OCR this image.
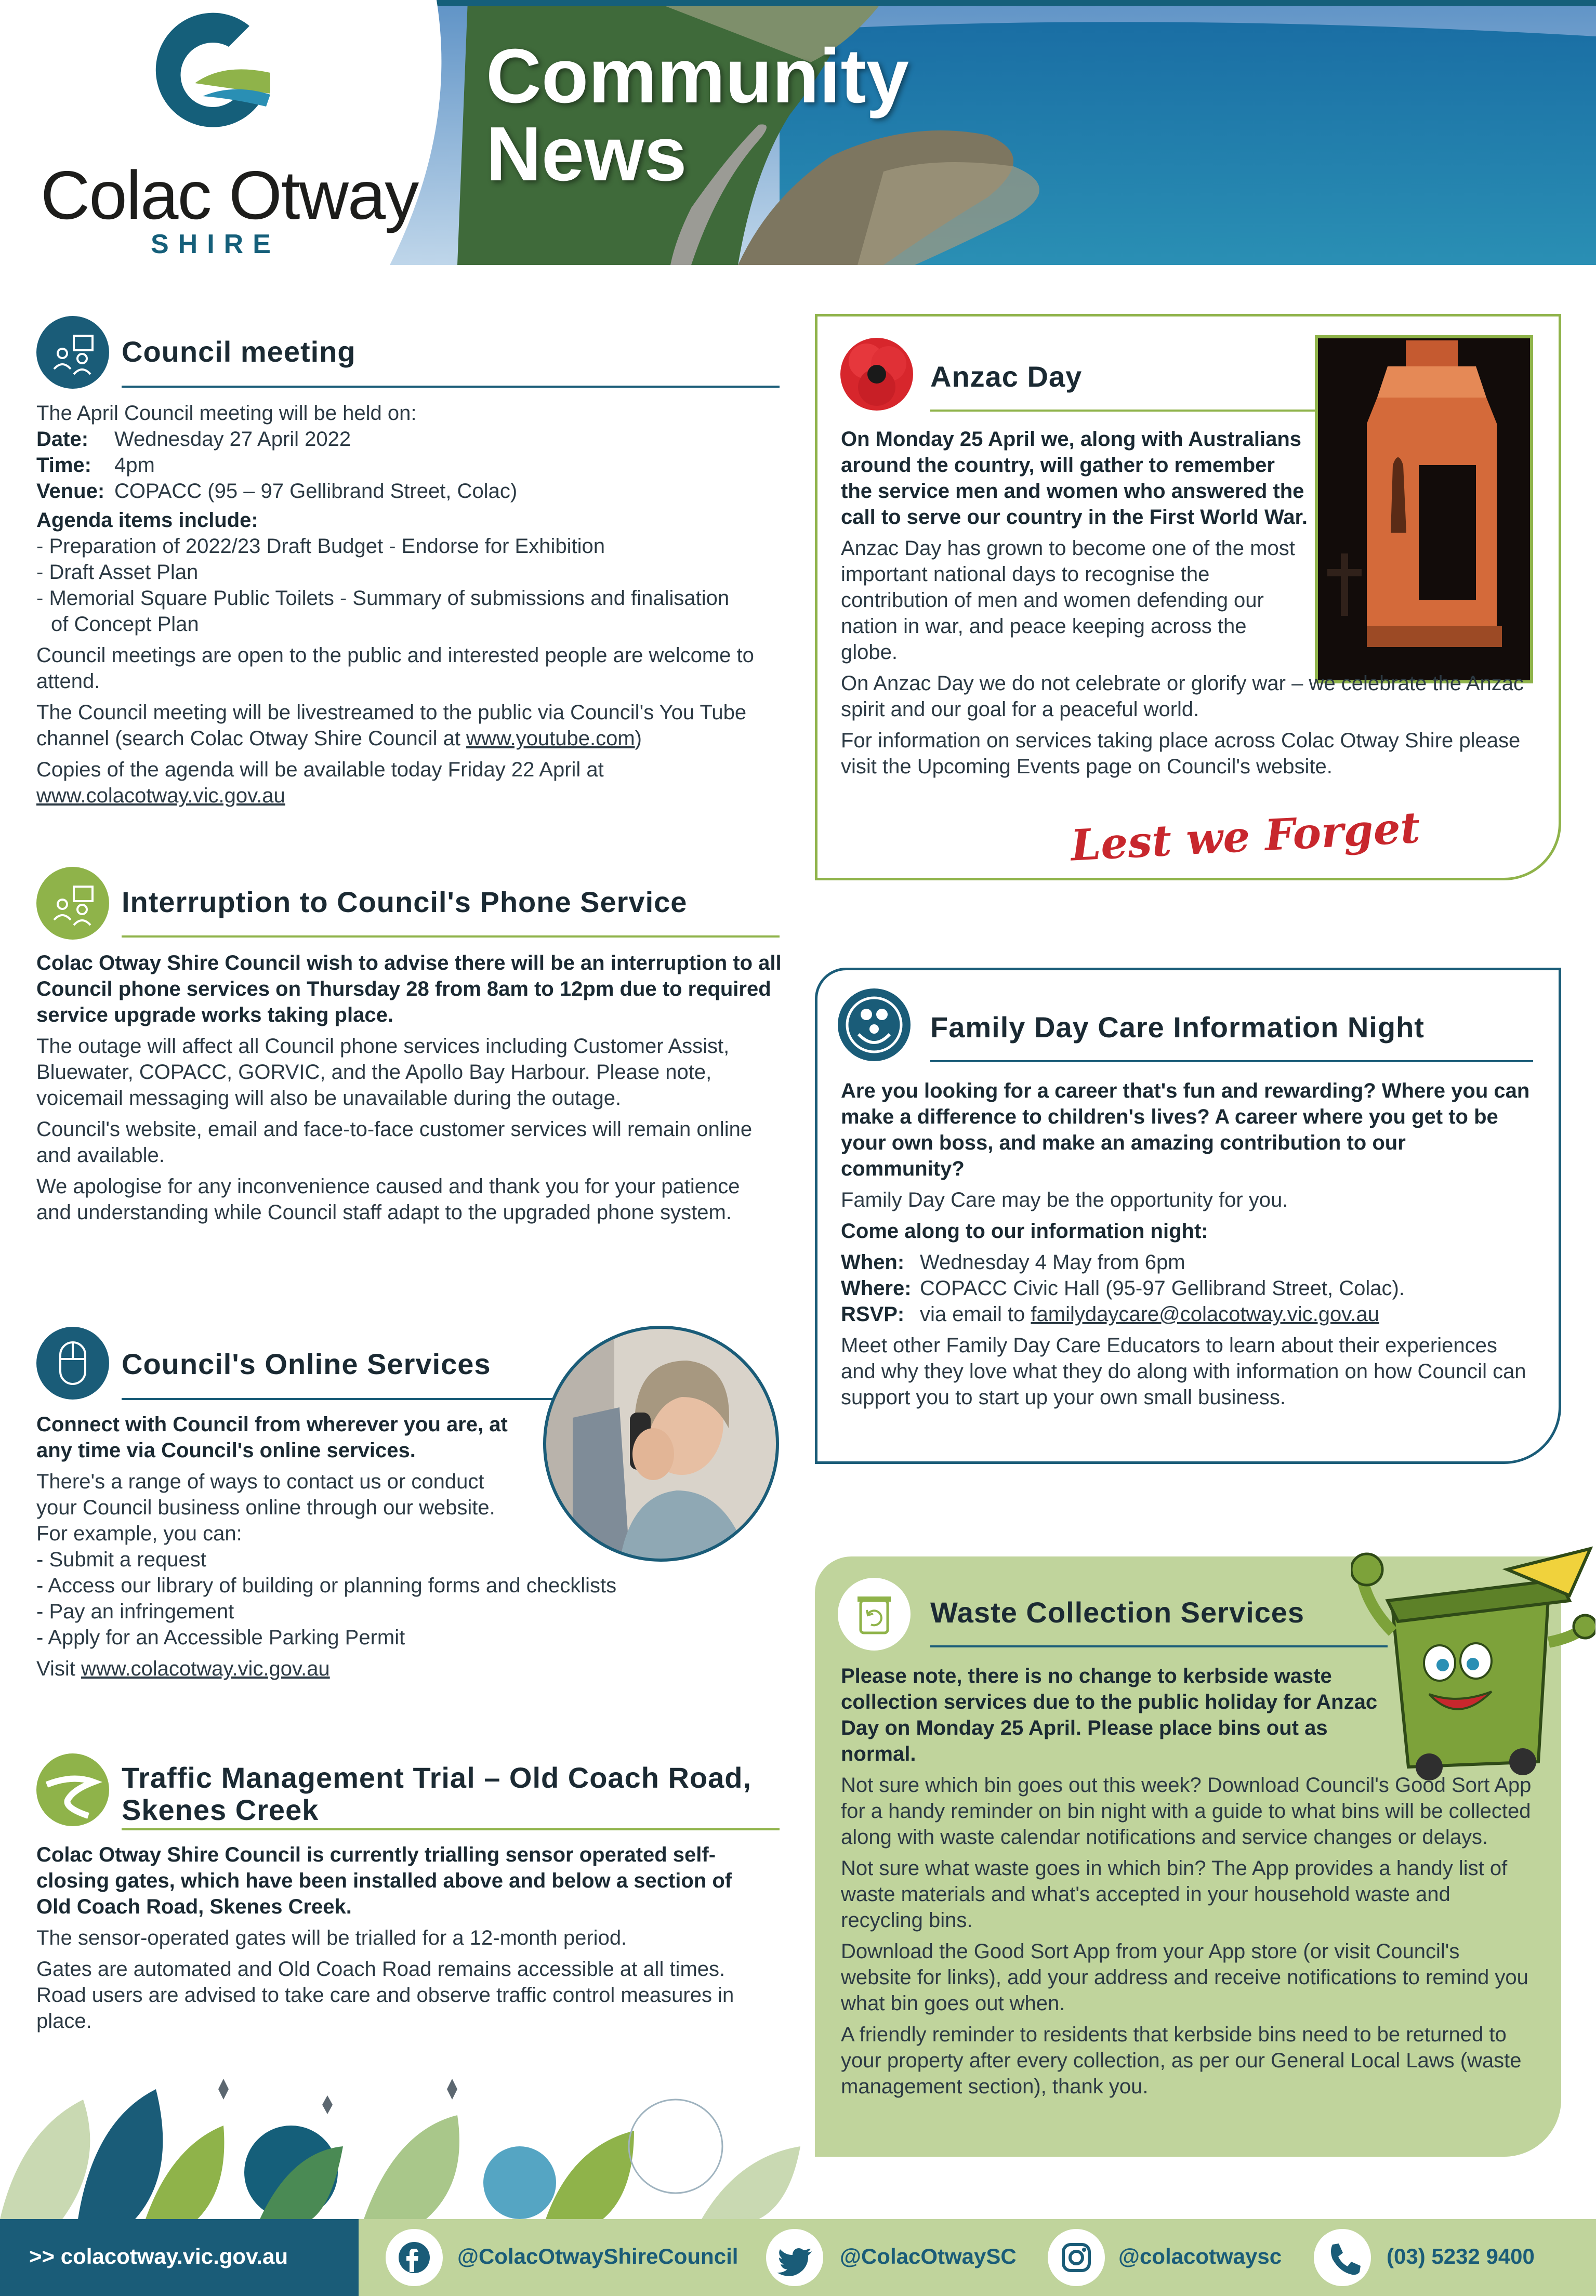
Colac Otway
SHIRE
Community
News
Council meeting
The April Council meeting will be held on:
Date: Wednesday 27 April 2022
Time: 4pm
Venue: COPACC (95 – 97 Gellibrand Street, Colac)
Agenda items include:
- Preparation of 2022/23 Draft Budget - Endorse for Exhibition
- Draft Asset Plan
- Memorial Square Public Toilets - Summary of submissions and finalisation of Concept Plan
Council meetings are open to the public and interested people are welcome to attend.
The Council meeting will be livestreamed to the public via Council's You Tube channel (search Colac Otway Shire Council at www.youtube.com)
Copies of the agenda will be available today Friday 22 April at
www.colacotway.vic.gov.au
Interruption to Council's Phone Service
Colac Otway Shire Council wish to advise there will be an interruption to all Council phone services on Thursday 28 from 8am to 12pm due to required service upgrade works taking place.
The outage will affect all Council phone services including Customer Assist, Bluewater, COPACC, GORVIC, and the Apollo Bay Harbour. Please note, voicemail messaging will also be unavailable during the outage.
Council's website, email and face-to-face customer services will remain online and available.
We apologise for any inconvenience caused and thank you for your patience and understanding while Council staff adapt to the upgraded phone system.
Council's Online Services
Connect with Council from wherever you are, at any time via Council's online services.
There's a range of ways to contact us or conduct your Council business online through our website.
For example, you can:
- Submit a request
- Access our library of building or planning forms and checklists
- Pay an infringement
- Apply for an Accessible Parking Permit
Visit www.colacotway.vic.gov.au
Traffic Management Trial – Old Coach Road,
Skenes Creek
Colac Otway Shire Council is currently trialling sensor operated self-closing gates, which have been installed above and below a section of Old Coach Road, Skenes Creek.
The sensor-operated gates will be trialled for a 12-month period.
Gates are automated and Old Coach Road remains accessible at all times. Road users are advised to take care and observe traffic control measures in place.
Anzac Day
On Monday 25 April we, along with Australians around the country, will gather to remember the service men and women who answered the call to serve our country in the First World War.
Anzac Day has grown to become one of the most important national days to recognise the contribution of men and women defending our nation in war, and peace keeping across the globe.
On Anzac Day we do not celebrate or glorify war – we celebrate the Anzac spirit and our goal for a peaceful world.
For information on services taking place across Colac Otway Shire please visit the Upcoming Events page on Council's website.
Lest we Forget
Family Day Care Information Night
Are you looking for a career that's fun and rewarding? Where you can make a difference to children's lives? A career where you get to be your own boss, and make an amazing contribution to our community?
Family Day Care may be the opportunity for you.
Come along to our information night:
When: Wednesday 4 May from 6pm
Where: COPACC Civic Hall (95-97 Gellibrand Street, Colac).
RSVP: via email to familydaycare@colacotway.vic.gov.au
Meet other Family Day Care Educators to learn about their experiences and why they love what they do along with information on how Council can support you to start up your own small business.
Waste Collection Services
Please note, there is no change to kerbside waste collection services due to the public holiday for Anzac Day on Monday 25 April. Please place bins out as normal.
Not sure which bin goes out this week? Download Council's Good Sort App for a handy reminder on bin night with a guide to what bins will be collected along with waste calendar notifications and service changes or delays.
Not sure what waste goes in which bin? The App provides a handy list of waste materials and what's accepted in your household waste and recycling bins.
Download the Good Sort App from your App store (or visit Council's website for links), add your address and receive notifications to remind you what bin goes out when.
A friendly reminder to residents that kerbside bins need to be returned to your property after every collection, as per our General Local Laws (waste management section), thank you.
>> colacotway.vic.gov.au	@ColacOtwayShireCouncil	@ColacOtwaySC	@colacotwaysc	(03) 5232 9400
